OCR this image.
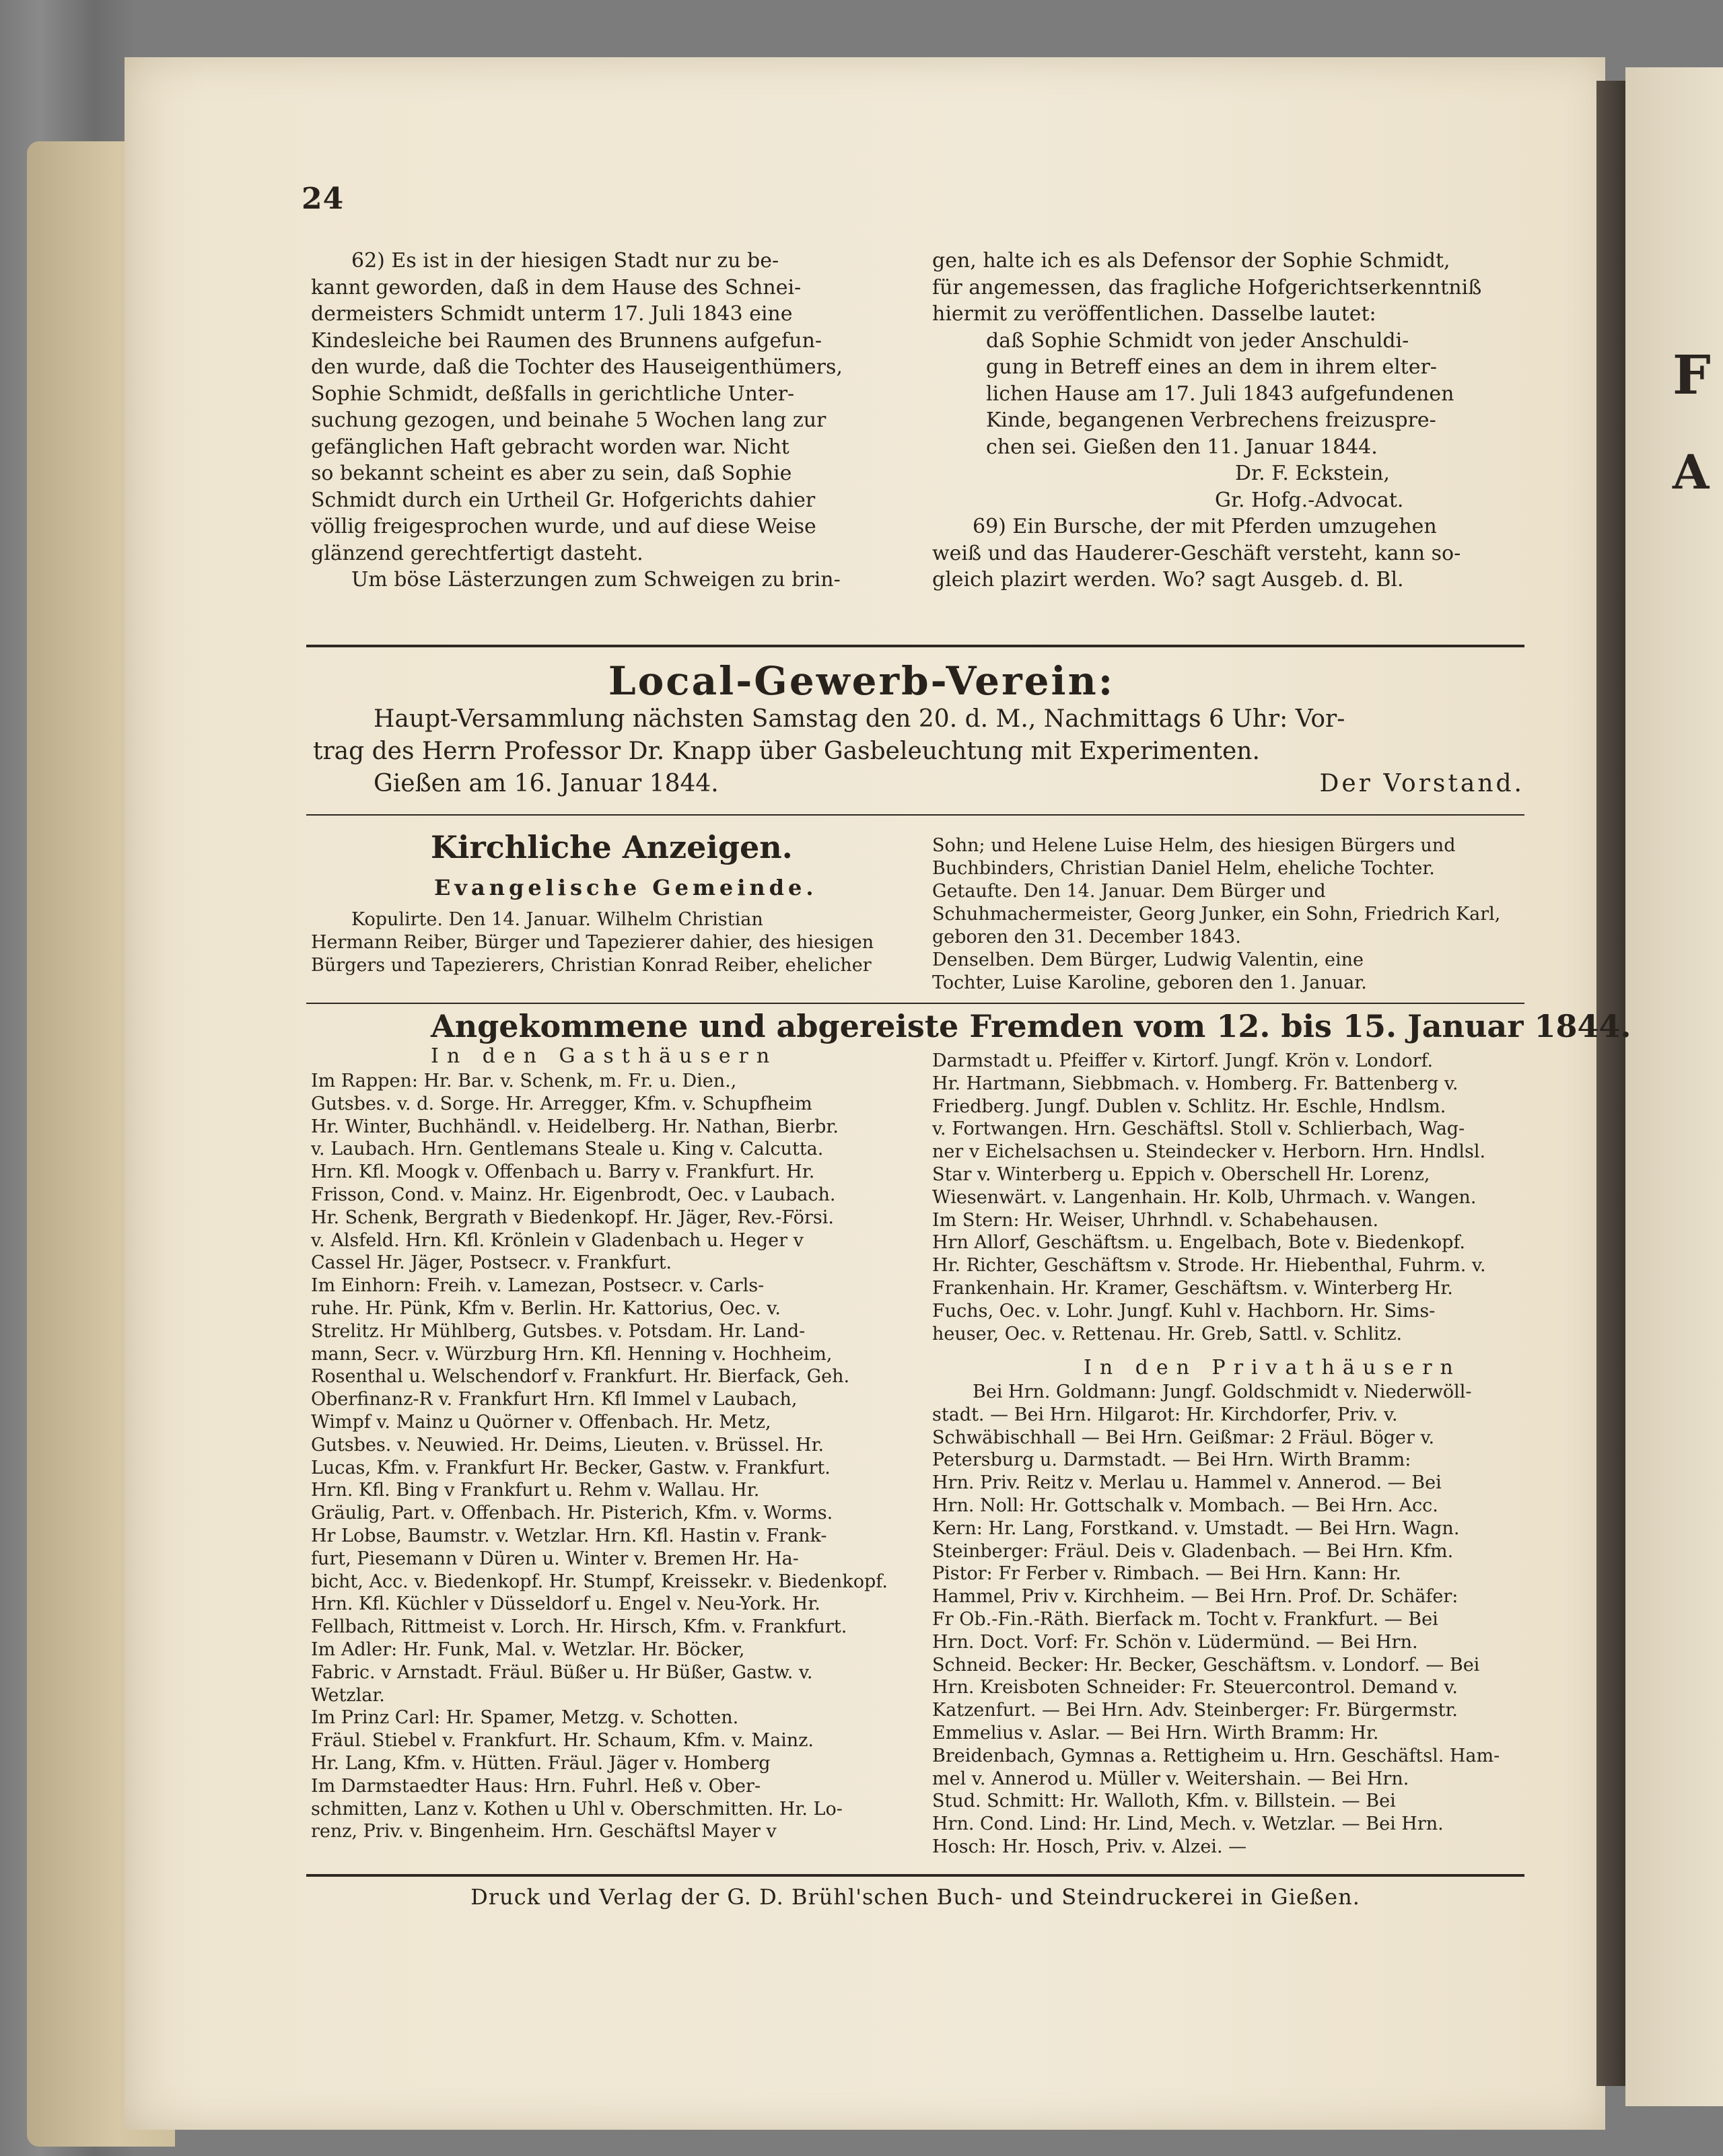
F
A
24

62) Es ist in der hiesigen Stadt nur zu be-

kannt geworden, daß in dem Hause des Schnei-

dermeisters Schmidt unterm 17. Juli 1843 eine

Kindesleiche bei Raumen des Brunnens aufgefun-

den wurde, daß die Tochter des Hauseigenthümers,

Sophie Schmidt, deßfalls in gerichtliche Unter-

suchung gezogen, und beinahe 5 Wochen lang zur

gefänglichen Haft gebracht worden war. Nicht

so bekannt scheint es aber zu sein, daß Sophie

Schmidt durch ein Urtheil Gr. Hofgerichts dahier

völlig freigesprochen wurde, und auf diese Weise

glänzend gerechtfertigt dasteht.

Um böse Lästerzungen zum Schweigen zu brin-

gen, halte ich es als Defensor der Sophie Schmidt,

für angemessen, das fragliche Hofgerichtserkenntniß

hiermit zu veröffentlichen. Dasselbe lautet:

daß Sophie Schmidt von jeder Anschuldi-

gung in Betreff eines an dem in ihrem elter-

lichen Hause am 17. Juli 1843 aufgefundenen

Kinde, begangenen Verbrechens freizusprе-

chen sei. Gießen den 11. Januar 1844.

Dr. F. Eckstein,

Gr. Hofg.-Advocat.

69) Ein Bursche, der mit Pferden umzugehen

weiß und das Hauderer-Geschäft versteht, kann so-

gleich plazirt werden. Wo? sagt Ausgeb. d. Bl.

Local-Gewerb-Verein:

Haupt-Versammlung nächsten Samstag den 20. d. M., Nachmittags 6 Uhr: Vor-

trag des Herrn Professor Dr. Knapp über Gasbeleuchtung mit Experimenten.

Gießen am 16. Januar 1844.	Der Vorstand.

Kirchliche Anzeigen.
Evangelische Gemeinde.

Kopulirte. Den 14. Januar. Wilhelm Christian

Hermann Reiber, Bürger und Tapezierer dahier, des hiesigen

Bürgers und Tapezierers, Christian Konrad Reiber, ehelicher

Sohn; und Helene Luise Helm, des hiesigen Bürgers und

Buchbinders, Christian Daniel Helm, eheliche Tochter.

Getaufte. Den 14. Januar. Dem Bürger und

Schuhmachermeister, Georg Junker, ein Sohn, Friedrich Karl,

geboren den 31. December 1843.

Denselben. Dem Bürger, Ludwig Valentin, eine

Tochter, Luise Karoline, geboren den 1. Januar.

Angekommene und abgereiste Fremden vom 12. bis 15. Januar 1844.
In den Gasthäusern

Im Rappen: Hr. Bar. v. Schenk, m. Fr. u. Dien.,

Gutsbes. v. d. Sorge. Hr. Arregger, Kfm. v. Schupfheim

Hr. Winter, Buchhändl. v. Heidelberg. Hr. Nathan, Bierbr.

v. Laubach. Hrn. Gentlemans Steale u. King v. Calcutta.

Hrn. Kfl. Moogk v. Offenbach u. Barry v. Frankfurt. Hr.

Frisson, Cond. v. Mainz. Hr. Eigenbrodt, Oec. v Laubach.

Hr. Schenk, Bergrath v Biedenkopf. Hr. Jäger, Rev.-Försi.

v. Alsfeld. Hrn. Kfl. Krönlein v Gladenbach u. Heger v

Cassel Hr. Jäger, Postsecr. v. Frankfurt.

Im Einhorn: Freih. v. Lamezan, Postsecr. v. Carls-

ruhe. Hr. Pünk, Kfm v. Berlin. Hr. Kattorius, Oec. v.

Strelitz. Hr Mühlberg, Gutsbes. v. Potsdam. Hr. Land-

mann, Secr. v. Würzburg Hrn. Kfl. Henning v. Hochheim,

Rosenthal u. Welschendorf v. Frankfurt. Hr. Bierfack, Geh.

Oberfinanz-R v. Frankfurt Hrn. Kfl Immel v Laubach,

Wimpf v. Mainz u Quörner v. Offenbach. Hr. Metz,

Gutsbes. v. Neuwied. Hr. Deims, Lieuten. v. Brüssel. Hr.

Lucas, Kfm. v. Frankfurt Hr. Becker, Gastw. v. Frankfurt.

Hrn. Kfl. Bing v Frankfurt u. Rehm v. Wallau. Hr.

Gräulig, Part. v. Offenbach. Hr. Pisterich, Kfm. v. Worms.

Hr Lobse, Baumstr. v. Wetzlar. Hrn. Kfl. Hastin v. Frank-

furt, Piesemann v Düren u. Winter v. Bremen Hr. Ha-

bicht, Acc. v. Biedenkopf. Hr. Stumpf, Kreissekr. v. Biedenkopf.

Hrn. Kfl. Küchler v Düsseldorf u. Engel v. Neu-York. Hr.

Fellbach, Rittmeist v. Lorch. Hr. Hirsch, Kfm. v. Frankfurt.

Im Adler: Hr. Funk, Mal. v. Wetzlar. Hr. Böcker,

Fabric. v Arnstadt. Fräul. Büßer u. Hr Büßer, Gastw. v.

Wetzlar.

Im Prinz Carl: Hr. Spamer, Metzg. v. Schotten.

Fräul. Stiebel v. Frankfurt. Hr. Schaum, Kfm. v. Mainz.

Hr. Lang, Kfm. v. Hütten. Fräul. Jäger v. Homberg

Im Darmstaedter Haus: Hrn. Fuhrl. Heß v. Ober-

schmitten, Lanz v. Kothen u Uhl v. Oberschmitten. Hr. Lo-

renz, Priv. v. Bingenheim. Hrn. Geschäftsl Mayer v

Darmstadt u. Pfeiffer v. Kirtorf. Jungf. Krön v. Londorf.

Hr. Hartmann, Siebbmach. v. Homberg. Fr. Battenberg v.

Friedberg. Jungf. Dublen v. Schlitz. Hr. Eschle, Hndlsm.

v. Fortwangen. Hrn. Geschäftsl. Stoll v. Schlierbach, Wag-

ner v Eichelsachsen u. Steindecker v. Herborn. Hrn. Hndlsl.

Star v. Winterberg u. Eppich v. Oberschell Hr. Lorenz,

Wiesenwärt. v. Langenhain. Hr. Kolb, Uhrmach. v. Wangen.

Im Stern: Hr. Weiser, Uhrhndl. v. Schabehausen.

Hrn Allorf, Geschäftsm. u. Engelbach, Bote v. Biedenkopf.

Hr. Richter, Geschäftsm v. Strode. Hr. Hiebenthal, Fuhrm. v.

Frankenhain. Hr. Kramer, Geschäftsm. v. Winterberg Hr.

Fuchs, Oec. v. Lohr. Jungf. Kuhl v. Hachborn. Hr. Sims-

heuser, Oec. v. Rettenau. Hr. Greb, Sattl. v. Schlitz.

In den Privathäusern

Bei Hrn. Goldmann: Jungf. Goldschmidt v. Niederwöll-

stadt. — Bei Hrn. Hilgarot: Hr. Kirchdorfer, Priv. v.

Schwäbischhall — Bei Hrn. Geißmar: 2 Fräul. Böger v.

Petersburg u. Darmstadt. — Bei Hrn. Wirth Bramm:

Hrn. Priv. Reitz v. Merlau u. Hammel v. Annerod. — Bei

Hrn. Noll: Hr. Gottschalk v. Mombach. — Bei Hrn. Acc.

Kern: Hr. Lang, Forstkand. v. Umstadt. — Bei Hrn. Wagn.

Steinberger: Fräul. Deis v. Gladenbach. — Bei Hrn. Kfm.

Pistor: Fr Ferber v. Rimbach. — Bei Hrn. Kann: Hr.

Hammel, Priv v. Kirchheim. — Bei Hrn. Prof. Dr. Schäfer:

Fr Ob.-Fin.-Räth. Bierfack m. Tocht v. Frankfurt. — Bei

Hrn. Doct. Vorf: Fr. Schön v. Lüdermünd. — Bei Hrn.

Schneid. Becker: Hr. Becker, Geschäftsm. v. Londorf. — Bei

Hrn. Kreisboten Schneider: Fr. Steuercontrol. Demand v.

Katzenfurt. — Bei Hrn. Adv. Steinberger: Fr. Bürgermstr.

Emmelius v. Aslar. — Bei Hrn. Wirth Bramm: Hr.

Breidenbach, Gymnas a. Rettigheim u. Hrn. Geschäftsl. Ham-

mel v. Annerod u. Müller v. Weitershain. — Bei Hrn.

Stud. Schmitt: Hr. Walloth, Kfm. v. Billstein. — Bei

Hrn. Cond. Lind: Hr. Lind, Mech. v. Wetzlar. — Bei Hrn.

Hosch: Hr. Hosch, Priv. v. Alzei. —

Druck und Verlag der G. D. Brühl'schen Buch- und Steindruckerei in Gießen.
